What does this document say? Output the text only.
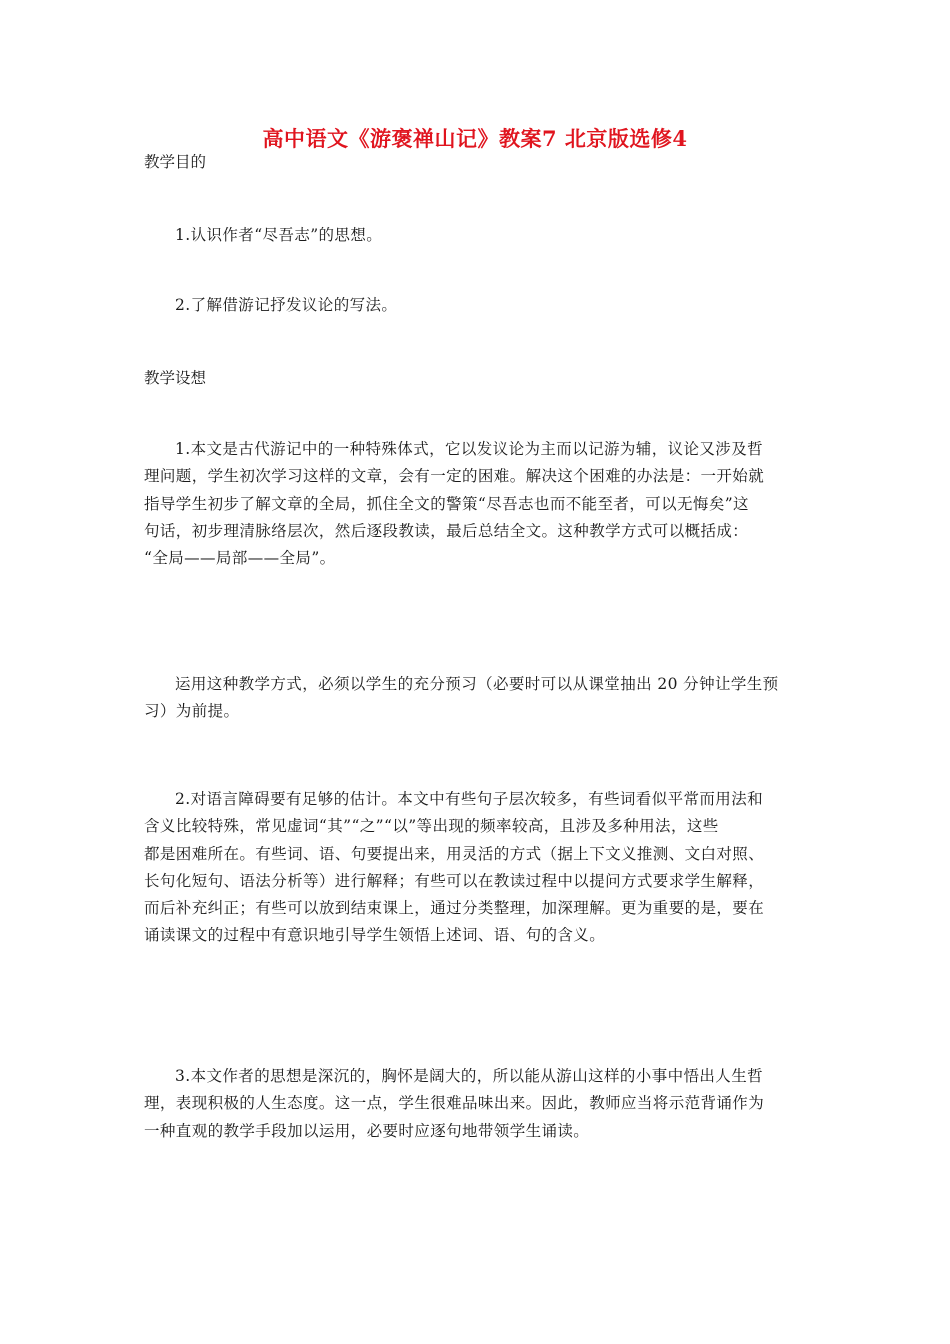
高中语文《游褒禅山记》教案7 北京版选修4

教学目的

1.认识作者“尽吾志”的思想。

2.了解借游记抒发议论的写法。

教学设想

1.本文是古代游记中的一种特殊体式，它以发议论为主而以记游为辅，议论又涉及哲
理问题，学生初次学习这样的文章，会有一定的困难。解决这个困难的办法是：一开始就
指导学生初步了解文章的全局，抓住全文的警策“尽吾志也而不能至者，可以无悔矣”这
句话，初步理清脉络层次，然后逐段教读，最后总结全文。这种教学方式可以概括成：
“全局——局部——全局”。
运用这种教学方式，必须以学生的充分预习（必要时可以从课堂抽出 20 分钟让学生预
习）为前提。
2.对语言障碍要有足够的估计。本文中有些句子层次较多，有些词看似平常而用法和
含义比较特殊，常见虚词“其”“之”“以”等出现的频率较高，且涉及多种用法，这些
都是困难所在。有些词、语、句要提出来，用灵活的方式（据上下文义推测、文白对照、
长句化短句、语法分析等）进行解释；有些可以在教读过程中以提问方式要求学生解释，
而后补充纠正；有些可以放到结束课上，通过分类整理，加深理解。更为重要的是，要在
诵读课文的过程中有意识地引导学生领悟上述词、语、句的含义。
3.本文作者的思想是深沉的，胸怀是阔大的，所以能从游山这样的小事中悟出人生哲
理，表现积极的人生态度。这一点，学生很难品味出来。因此，教师应当将示范背诵作为
一种直观的教学手段加以运用，必要时应逐句地带领学生诵读。
